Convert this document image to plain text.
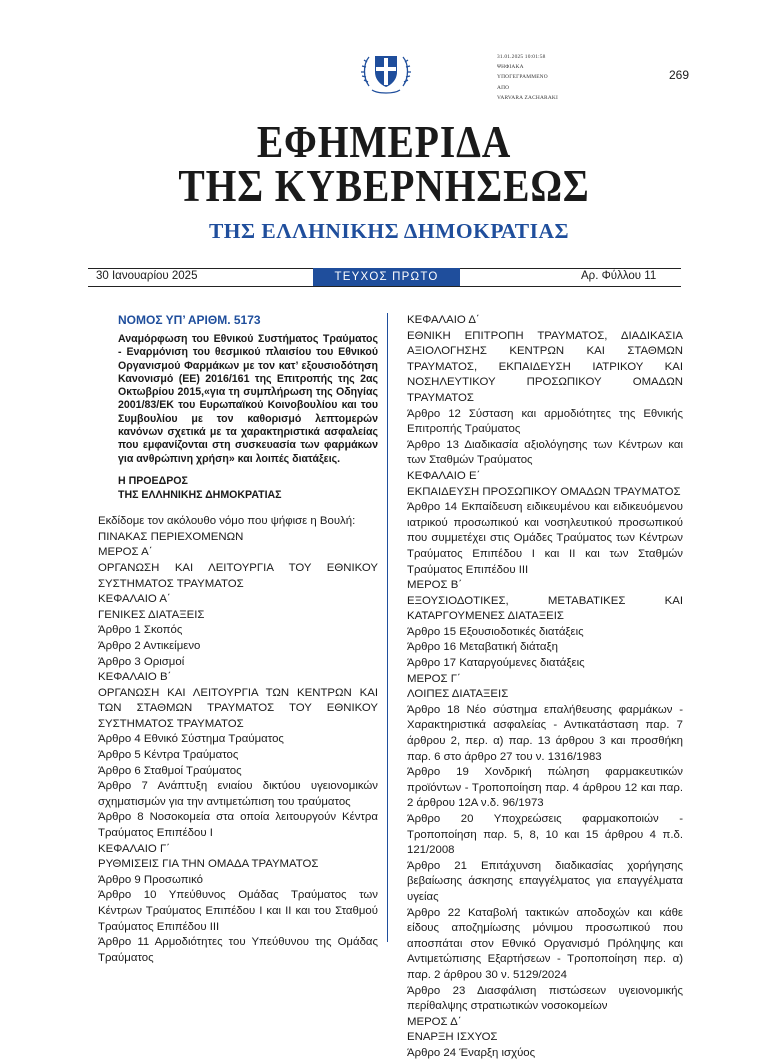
31.01.2025 10:01:58
ΨΗΦΙΑΚΑ
ΥΠΟΓΕΓΡΑΜΜΕΝΟ
ΑΠΟ
VARVARA ZACHARAKI
269
ΕΦΗΜΕΡΙΔΑ
ΤΗΣ ΚΥΒΕΡΝΗΣΕΩΣ
ΤΗΣ ΕΛΛΗΝΙΚΗΣ ΔΗΜΟΚΡΑΤΙΑΣ
30 Ιανουαρίου 2025	ΤΕΥΧΟΣ ΠΡΩΤΟ	Αρ. Φύλλου 11
ΝΟΜΟΣ ΥΠ’ ΑΡΙΘΜ. 5173
Αναμόρφωση του Εθνικού Συστήματος Τραύματος - Εναρμόνιση του θεσμικού πλαισίου του Εθνικού Οργανισμού Φαρμάκων με τον κατ’ εξουσιοδότηση Κανονισμό (ΕΕ) 2016/161 της Επιτροπής της 2ας Οκτωβρίου 2015,«για τη συμπλήρωση της Οδηγίας 2001/83/ΕΚ του Ευρωπαϊκού Κοινοβουλίου και του Συμβουλίου με τον καθορισμό λεπτομερών κανόνων σχετικά με τα χαρακτηριστικά ασφαλείας που εμφανίζονται στη συσκευασία των φαρμάκων για ανθρώπινη χρήση» και λοιπές διατάξεις.
Η ΠΡΟΕΔΡΟΣ
ΤΗΣ ΕΛΛΗΝΙΚΗΣ ΔΗΜΟΚΡΑΤΙΑΣ
Εκδίδομε τον ακόλουθο νόμο που ψήφισε η Βουλή:
ΠΙΝΑΚΑΣ ΠΕΡΙΕΧΟΜΕΝΩΝ
ΜΕΡΟΣ Α΄
ΟΡΓΑΝΩΣΗ ΚΑΙ ΛΕΙΤΟΥΡΓΙΑ ΤΟΥ ΕΘΝΙΚΟΥ ΣΥΣΤΗΜΑΤΟΣ ΤΡΑΥΜΑΤΟΣ
ΚΕΦΑΛΑΙΟ Α΄
ΓΕΝΙΚΕΣ ΔΙΑΤΑΞΕΙΣ
Άρθρο 1 Σκοπός
Άρθρο 2 Αντικείμενο
Άρθρο 3 Ορισμοί
ΚΕΦΑΛΑΙΟ Β΄
ΟΡΓΑΝΩΣΗ ΚΑΙ ΛΕΙΤΟΥΡΓΙΑ ΤΩΝ ΚΕΝΤΡΩΝ ΚΑΙ ΤΩΝ ΣΤΑΘΜΩΝ ΤΡΑΥΜΑΤΟΣ ΤΟΥ ΕΘΝΙΚΟΥ ΣΥΣΤΗΜΑΤΟΣ ΤΡΑΥΜΑΤΟΣ
Άρθρο 4 Εθνικό Σύστημα Τραύματος
Άρθρο 5 Κέντρα Τραύματος
Άρθρο 6 Σταθμοί Τραύματος
Άρθρο 7 Ανάπτυξη ενιαίου δικτύου υγειονομικών σχηματισμών για την αντιμετώπιση του τραύματος
Άρθρο 8 Νοσοκομεία στα οποία λειτουργούν Κέντρα Τραύματος Επιπέδου Ι
ΚΕΦΑΛΑΙΟ Γ΄
ΡΥΘΜΙΣΕΙΣ ΓΙΑ ΤΗΝ ΟΜΑΔΑ ΤΡΑΥΜΑΤΟΣ
Άρθρο 9 Προσωπικό
Άρθρο 10 Υπεύθυνος Ομάδας Τραύματος των Κέντρων Τραύματος Επιπέδου Ι και ΙΙ και του Σταθμού Τραύματος Επιπέδου ΙΙΙ
Άρθρο 11 Αρμοδιότητες του Υπεύθυνου της Ομάδας Τραύματος
ΚΕΦΑΛΑΙΟ Δ΄
ΕΘΝΙΚΗ ΕΠΙΤΡΟΠΗ ΤΡΑΥΜΑΤΟΣ, ΔΙΑΔΙΚΑΣΙΑ ΑΞΙΟΛΟΓΗΣΗΣ ΚΕΝΤΡΩΝ ΚΑΙ ΣΤΑΘΜΩΝ ΤΡΑΥΜΑΤΟΣ, ΕΚΠΑΙΔΕΥΣΗ ΙΑΤΡΙΚΟΥ ΚΑΙ ΝΟΣΗΛΕΥΤΙΚΟΥ ΠΡΟΣΩΠΙΚΟΥ ΟΜΑΔΩΝ ΤΡΑΥΜΑΤΟΣ
Άρθρο 12 Σύσταση και αρμοδιότητες της Εθνικής Επιτροπής Τραύματος
Άρθρο 13 Διαδικασία αξιολόγησης των Κέντρων και των Σταθμών Τραύματος
ΚΕΦΑΛΑΙΟ Ε΄
ΕΚΠΑΙΔΕΥΣΗ ΠΡΟΣΩΠΙΚΟΥ ΟΜΑΔΩΝ ΤΡΑΥΜΑΤΟΣ
Άρθρο 14 Εκπαίδευση ειδικευμένου και ειδικευόμενου ιατρικού προσωπικού και νοσηλευτικού προσωπικού που συμμετέχει στις Ομάδες Τραύματος των Κέντρων Τραύματος Επιπέδου Ι και ΙΙ και των Σταθμών Τραύματος Επιπέδου ΙΙΙ
ΜΕΡΟΣ Β΄
ΕΞΟΥΣΙΟΔΟΤΙΚΕΣ, ΜΕΤΑΒΑΤΙΚΕΣ ΚΑΙ ΚΑΤΑΡΓΟΥΜΕΝΕΣ ΔΙΑΤΑΞΕΙΣ
Άρθρο 15 Εξουσιοδοτικές διατάξεις
Άρθρο 16 Μεταβατική διάταξη
Άρθρο 17 Καταργούμενες διατάξεις
ΜΕΡΟΣ Γ΄
ΛΟΙΠΕΣ ΔΙΑΤΑΞΕΙΣ
Άρθρο 18 Νέο σύστημα επαλήθευσης φαρμάκων - Χαρακτηριστικά ασφαλείας - Αντικατάσταση παρ. 7 άρθρου 2, περ. α) παρ. 13 άρθρου 3 και προσθήκη παρ. 6 στο άρθρο 27 του ν. 1316/1983
Άρθρο 19 Χονδρική πώληση φαρμακευτικών προϊόντων - Τροποποίηση παρ. 4 άρθρου 12 και παρ. 2 άρθρου 12Α ν.δ. 96/1973
Άρθρο 20 Υποχρεώσεις φαρμακοποιών - Τροποποίηση παρ. 5, 8, 10 και 15 άρθρου 4 π.δ. 121/2008
Άρθρο 21 Επιτάχυνση διαδικασίας χορήγησης βεβαίωσης άσκησης επαγγέλματος για επαγγέλματα υγείας
Άρθρο 22 Καταβολή τακτικών αποδοχών και κάθε είδους αποζημίωσης μόνιμου προσωπικού που αποσπάται στον Εθνικό Οργανισμό Πρόληψης και Αντιμετώπισης Εξαρτήσεων - Τροποποίηση περ. α) παρ. 2 άρθρου 30 ν. 5129/2024
Άρθρο 23 Διασφάλιση πιστώσεων υγειονομικής περίθαλψης στρατιωτικών νοσοκομείων
ΜΕΡΟΣ Δ΄
ΕΝΑΡΞΗ ΙΣΧΥΟΣ
Άρθρο 24 Έναρξη ισχύος
